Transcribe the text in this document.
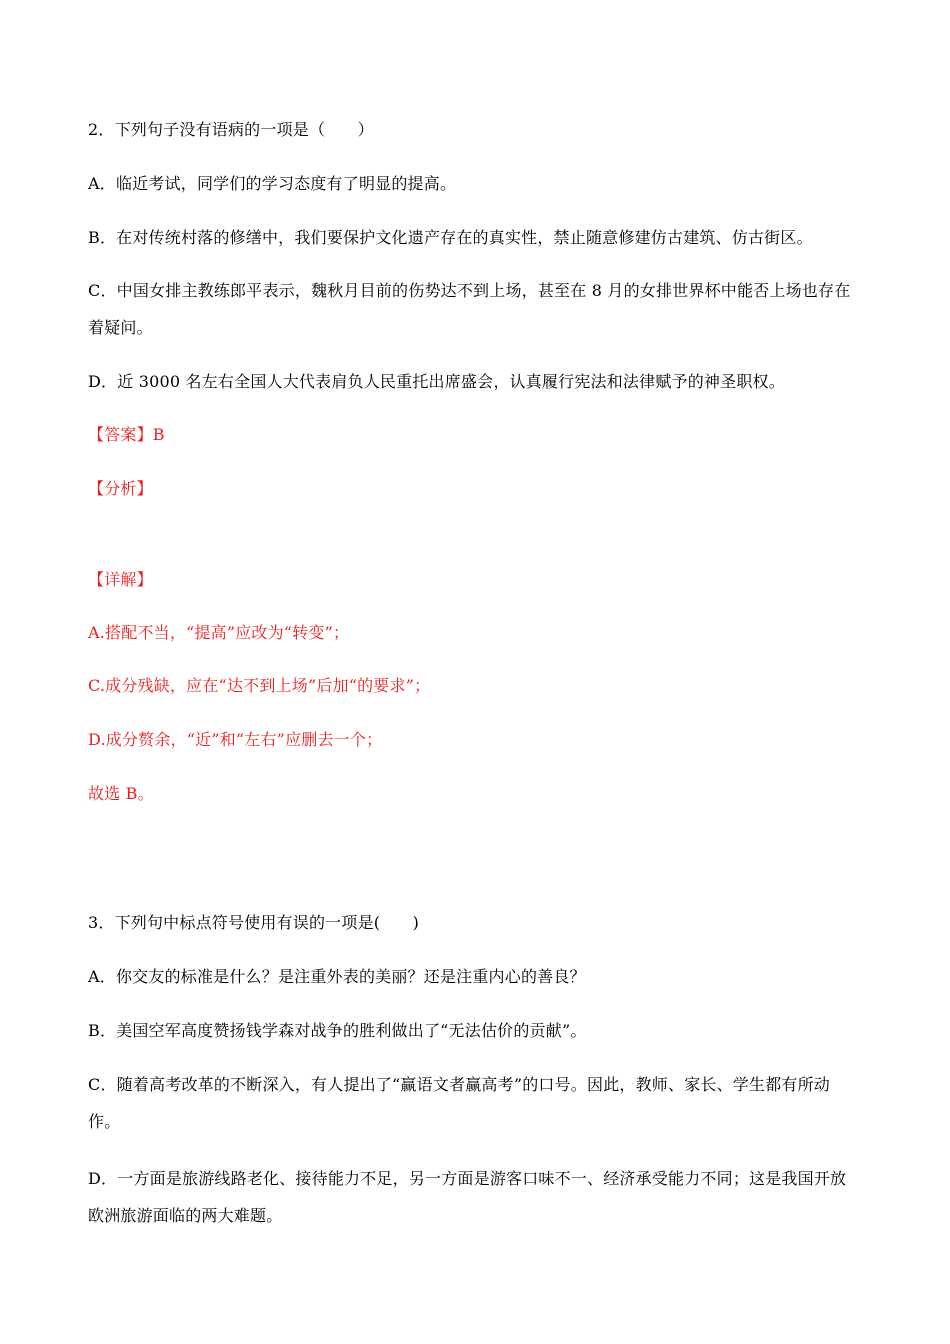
2．下列句子没有语病的一项是（　　）
A．临近考试，同学们的学习态度有了明显的提高。
B．在对传统村落的修缮中，我们要保护文化遗产存在的真实性，禁止随意修建仿古建筑、仿古街区。
C．中国女排主教练郎平表示，魏秋月目前的伤势达不到上场，甚至在 8 月的女排世界杯中能否上场也存在着疑问。
D．近 3000 名左右全国人大代表肩负人民重托出席盛会，认真履行宪法和法律赋予的神圣职权。
【答案】B
【分析】
【详解】
A.搭配不当，“提高”应改为“转变”；
C.成分残缺，应在“达不到上场”后加“的要求”；
D.成分赘余，“近”和“左右”应删去一个；
故选 B。
3．下列句中标点符号使用有误的一项是(　　)
A．你交友的标准是什么？是注重外表的美丽？还是注重内心的善良？
B．美国空军高度赞扬钱学森对战争的胜利做出了“无法估价的贡献”。
C．随着高考改革的不断深入，有人提出了“赢语文者赢高考”的口号。因此，教师、家长、学生都有所动作。
D．一方面是旅游线路老化、接待能力不足，另一方面是游客口味不一、经济承受能力不同；这是我国开放欧洲旅游面临的两大难题。
